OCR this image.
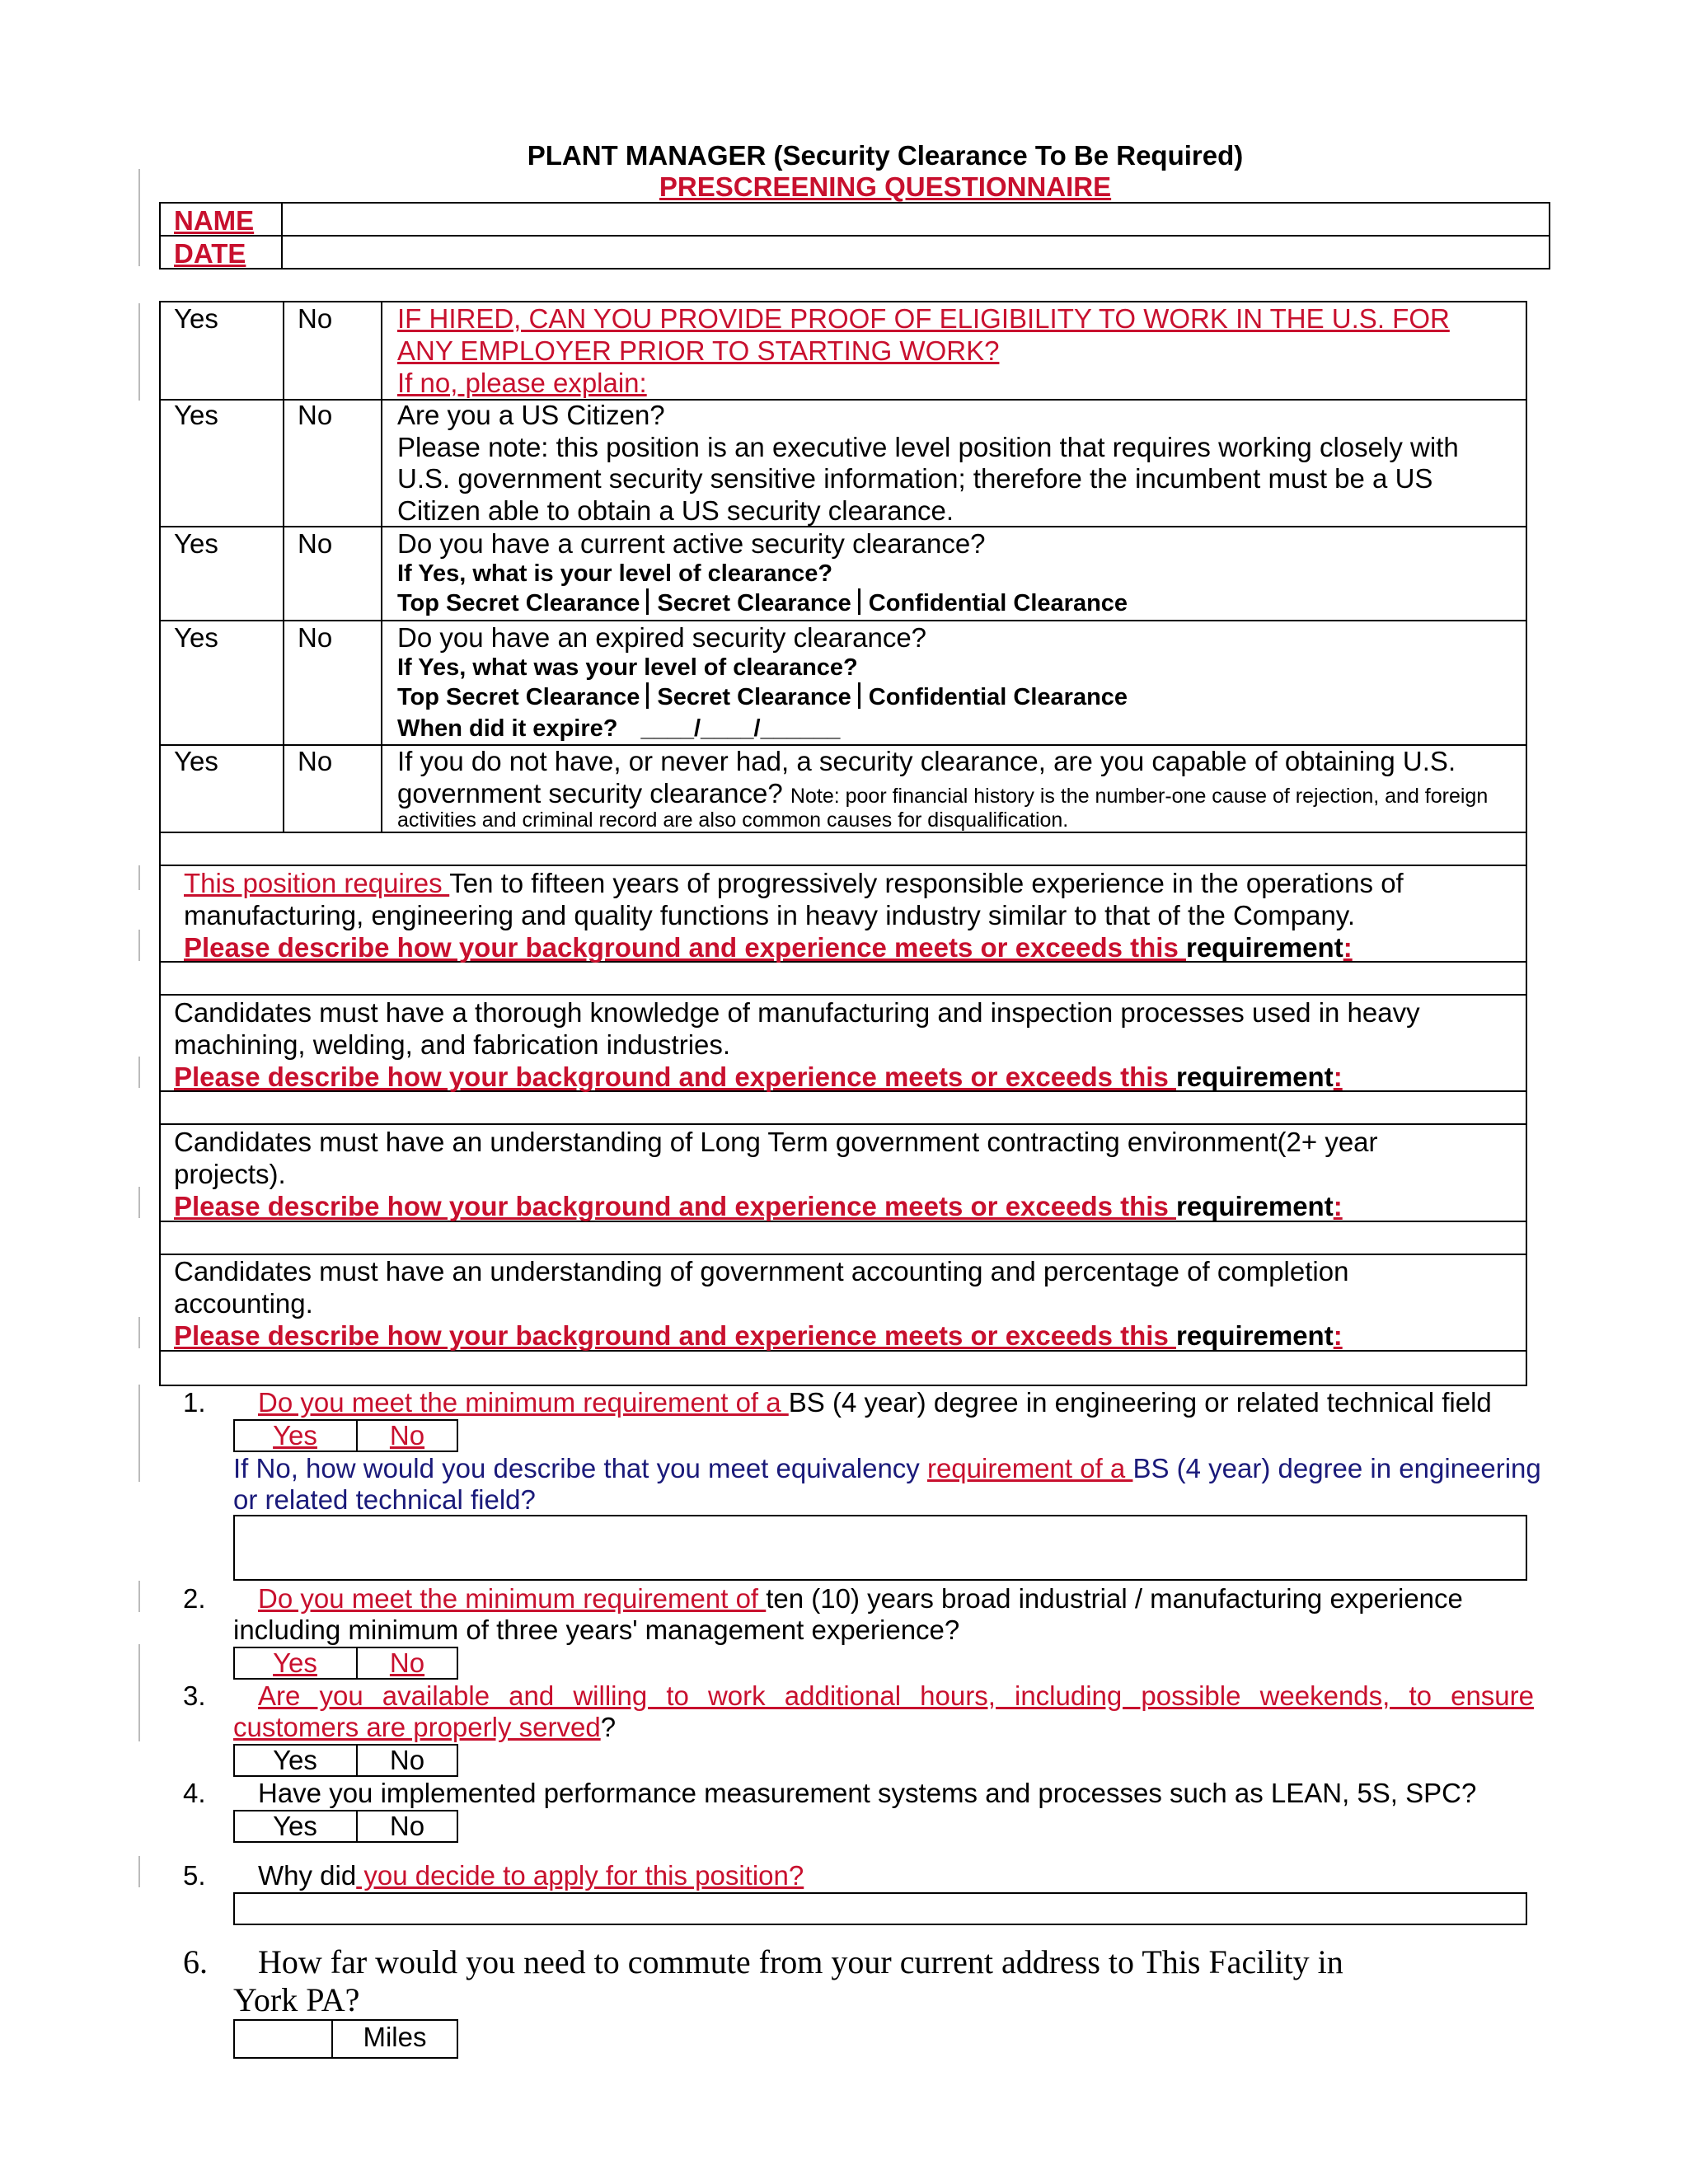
PLANT MANAGER (Security Clearance To Be Required)
PRESCREENING QUESTIONNAIRE
NAME
DATE
Yes	No IF HIRED, CAN YOU PROVIDE PROOF OF ELIGIBILITY TO WORK IN THE U.S. FOR
ANY EMPLOYER PRIOR TO STARTING WORK?
If no, please explain:
Yes	No Are you a US Citizen?
Please note: this position is an executive level position that requires working closely with
U.S. government security sensitive information; therefore the incumbent must be a US
Citizen able to obtain a US security clearance.
Yes	No Do you have a current active security clearance?
If Yes, what is your level of clearance?
Top Secret Clearance Secret Clearance Confidential Clearance
Yes	No Do you have an expired security clearance?
If Yes, what was your level of clearance?
Top Secret Clearance Secret Clearance Confidential Clearance
When did it expire? ____/____/______
Yes	No If you do not have, or never had, a security clearance, are you capable of obtaining U.S.
government security clearance? Note: poor financial history is the number-one cause of rejection, and foreign
activities and criminal record are also common causes for disqualification.
This position requires Ten to fifteen years of progressively responsible experience in the operations of
manufacturing, engineering and quality functions in heavy industry similar to that of the Company.
Please describe how your background and experience meets or exceeds this requirement:
Candidates must have a thorough knowledge of manufacturing and inspection processes used in heavy
machining, welding, and fabrication industries.
Please describe how your background and experience meets or exceeds this requirement:
Candidates must have an understanding of Long Term government contracting environment(2+ year
projects).
Please describe how your background and experience meets or exceeds this requirement:
Candidates must have an understanding of government accounting and percentage of completion
accounting.
Please describe how your background and experience meets or exceeds this requirement:
1. Do you meet the minimum requirement of a BS (4 year) degree in engineering or related technical field
Yes	No
If No, how would you describe that you meet equivalency requirement of a BS (4 year) degree in engineering
or related technical field?
2. Do you meet the minimum requirement of ten (10) years broad industrial / manufacturing experience
including minimum of three years' management experience?
Yes	No
3. Are you available and willing to work additional hours, including possible weekends, to ensure
customers are properly served?
Yes	No
4. Have you implemented performance measurement systems and processes such as LEAN, 5S, SPC?
Yes	No
5. Why did you decide to apply for this position?
6. How far would you need to commute from your current address to This Facility in
York PA?
Miles
